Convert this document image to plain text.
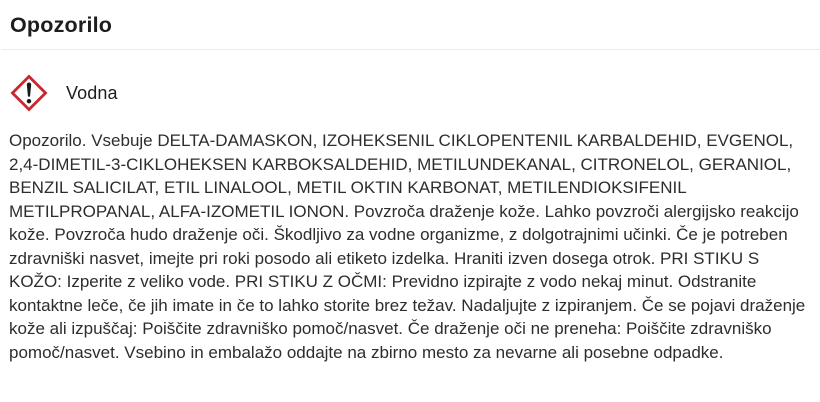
Opozorilo
Vodna

Opozorilo. Vsebuje DELTA-DAMASKON, IZOHEKSENIL CIKLOPENTENIL KARBALDEHID, EVGENOL, 2,4-DIMETIL-3-CIKLOHEKSEN KARBOKSALDEHID, METILUNDEKANAL, CITRONELOL, GERANIOL, BENZIL SALICILAT, ETIL LINALOOL, METIL OKTIN KARBONAT, METILENDIOKSIFENIL METILPROPANAL, ALFA-IZOMETIL IONON. Povzroča draženje kože. Lahko povzroči alergijsko reakcijo kože. Povzroča hudo draženje oči. Škodljivo za vodne organizme, z dolgotrajnimi učinki. Če je potreben zdravniški nasvet, imejte pri roki posodo ali etiketo izdelka. Hraniti izven dosega otrok. PRI STIKU S KOŽO: Izperite z veliko vode. PRI STIKU Z OČMI: Previdno izpirajte z vodo nekaj minut. Odstranite kontaktne leče, če jih imate in če to lahko storite brez težav. Nadaljujte z izpiranjem. Če se pojavi draženje kože ali izpuščaj: Poiščite zdravniško pomoč/nasvet. Če draženje oči ne preneha: Poiščite zdravniško pomoč/nasvet. Vsebino in embalažo oddajte na zbirno mesto za nevarne ali posebne odpadke.
